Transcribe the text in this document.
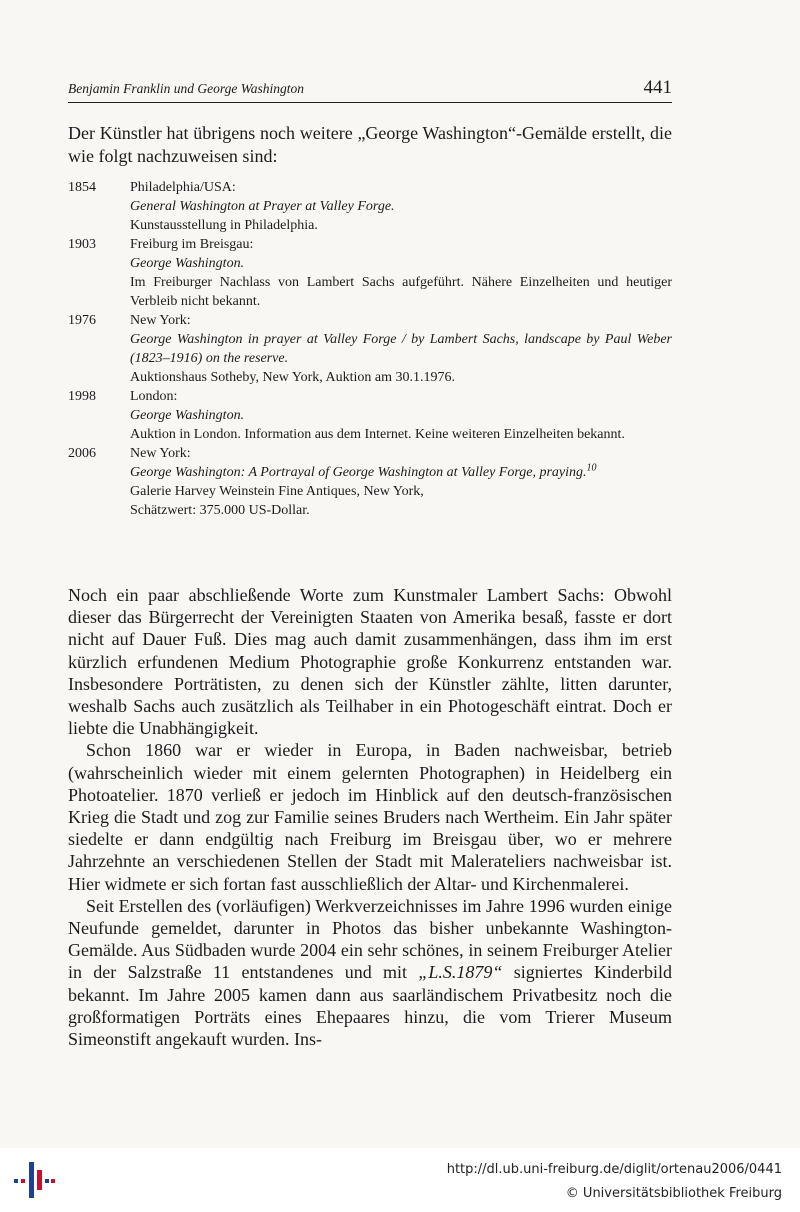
Benjamin Franklin und George Washington	441
Der Künstler hat übrigens noch weitere „George Washington“-Gemälde erstellt, die wie folgt nachzuweisen sind:
1854	Philadelphia/USA:
General Washington at Prayer at Valley Forge.
Kunstausstellung in Philadelphia.
1903	Freiburg im Breisgau:
George Washington.
Im Freiburger Nachlass von Lambert Sachs aufgeführt. Nähere Einzelheiten und heutiger Verbleib nicht bekannt.
1976	New York:
George Washington in prayer at Valley Forge / by Lambert Sachs, landscape by Paul Weber (1823–1916) on the reserve.
Auktionshaus Sotheby, New York, Auktion am 30.1.1976.
1998	London:
George Washington.
Auktion in London. Information aus dem Internet. Keine weiteren Einzelheiten bekannt.
2006	New York:
George Washington: A Portrayal of George Washington at Valley Forge, praying.$^{10}$
Galerie Harvey Weinstein Fine Antiques, New York,
Schätzwert: 375.000 US-Dollar.

Noch ein paar abschließende Worte zum Kunstmaler Lambert Sachs: Obwohl dieser das Bürgerrecht der Vereinigten Staaten von Amerika besaß, fasste er dort nicht auf Dauer Fuß. Dies mag auch damit zusammenhängen, dass ihm im erst kürzlich erfundenen Medium Photographie große Konkurrenz entstanden war. Insbesondere Porträtisten, zu denen sich der Künstler zählte, litten darunter, weshalb Sachs auch zusätzlich als Teilhaber in ein Photogeschäft eintrat. Doch er liebte die Unabhängigkeit.

Schon 1860 war er wieder in Europa, in Baden nachweisbar, betrieb (wahrscheinlich wieder mit einem gelernten Photographen) in Heidelberg ein Photoatelier. 1870 verließ er jedoch im Hinblick auf den deutsch-französischen Krieg die Stadt und zog zur Familie seines Bruders nach Wertheim. Ein Jahr später siedelte er dann endgültig nach Freiburg im Breisgau über, wo er mehrere Jahrzehnte an verschiedenen Stellen der Stadt mit Malerateliers nachweisbar ist. Hier widmete er sich fortan fast ausschließlich der Altar- und Kirchenmalerei.

Seit Erstellen des (vorläufigen) Werkverzeichnisses im Jahre 1996 wurden einige Neufunde gemeldet, darunter in Photos das bisher unbekannte Washington-Gemälde. Aus Südbaden wurde 2004 ein sehr schönes, in seinem Freiburger Atelier in der Salzstraße 11 entstandenes und mit „L.S.1879“ signiertes Kinderbild bekannt. Im Jahre 2005 kamen dann aus saarländischem Privatbesitz noch die großformatigen Porträts eines Ehepaares hinzu, die vom Trierer Museum Simeonstift angekauft wurden. Ins-

http://dl.ub.uni-freiburg.de/diglit/ortenau2006/0441
© Universitätsbibliothek Freiburg
